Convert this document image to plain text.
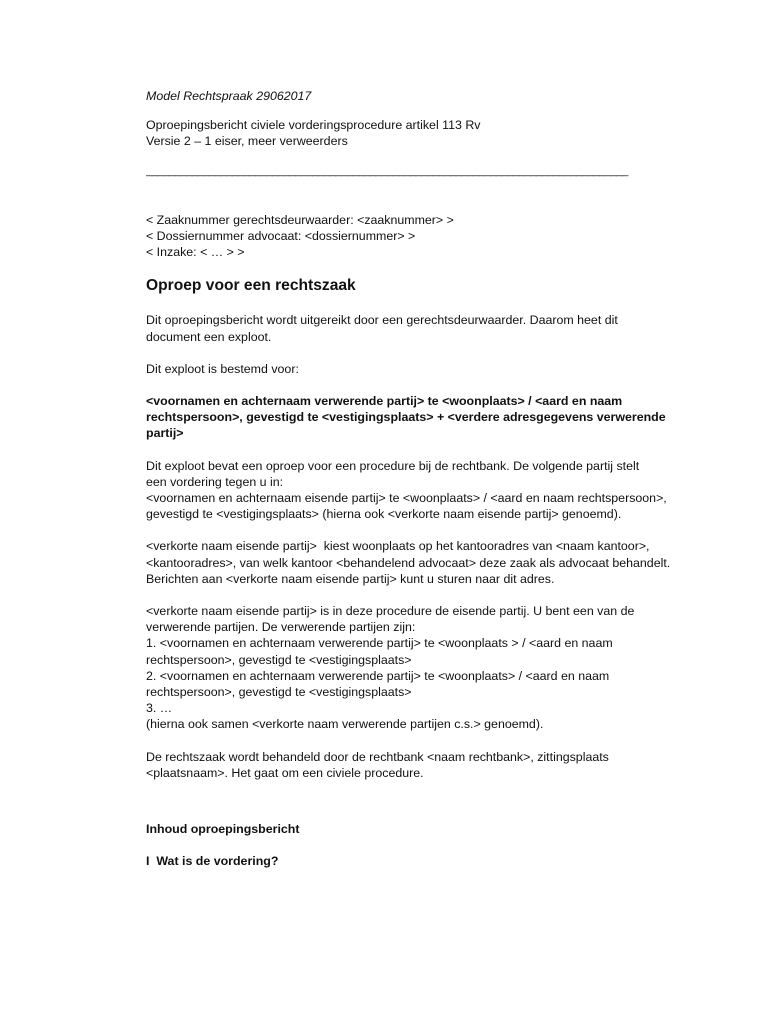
Model Rechtspraak 29062017
Oproepingsbericht civiele vorderingsprocedure artikel 113 Rv
Versie 2 – 1 eiser, meer verweerders
____________________________________________________________________________________
< Zaaknummer gerechtsdeurwaarder: <zaaknummer> >
< Dossiernummer advocaat: <dossiernummer> >
< Inzake: < … > >
Oproep voor een rechtszaak
Dit oproepingsbericht wordt uitgereikt door een gerechtsdeurwaarder. Daarom heet dit
document een exploot.
Dit exploot is bestemd voor:
<voornamen en achternaam verwerende partij> te <woonplaats> / <aard en naam
rechtspersoon>, gevestigd te <vestigingsplaats> + <verdere adresgegevens verwerende
partij>
Dit exploot bevat een oproep voor een procedure bij de rechtbank. De volgende partij stelt
een vordering tegen u in:
<voornamen en achternaam eisende partij> te <woonplaats> / <aard en naam rechtspersoon>,
gevestigd te <vestigingsplaats> (hierna ook <verkorte naam eisende partij> genoemd).
<verkorte naam eisende partij>  kiest woonplaats op het kantooradres van <naam kantoor>,
<kantooradres>, van welk kantoor <behandelend advocaat> deze zaak als advocaat behandelt.
Berichten aan <verkorte naam eisende partij> kunt u sturen naar dit adres.
<verkorte naam eisende partij> is in deze procedure de eisende partij. U bent een van de
verwerende partijen. De verwerende partijen zijn:
1. <voornamen en achternaam verwerende partij> te <woonplaats > / <aard en naam
rechtspersoon>, gevestigd te <vestigingsplaats>
2. <voornamen en achternaam verwerende partij> te <woonplaats> / <aard en naam
rechtspersoon>, gevestigd te <vestigingsplaats>
3. …
(hierna ook samen <verkorte naam verwerende partijen c.s.> genoemd).
De rechtszaak wordt behandeld door de rechtbank <naam rechtbank>, zittingsplaats
<plaatsnaam>. Het gaat om een civiele procedure.
Inhoud oproepingsbericht
I  Wat is de vordering?
